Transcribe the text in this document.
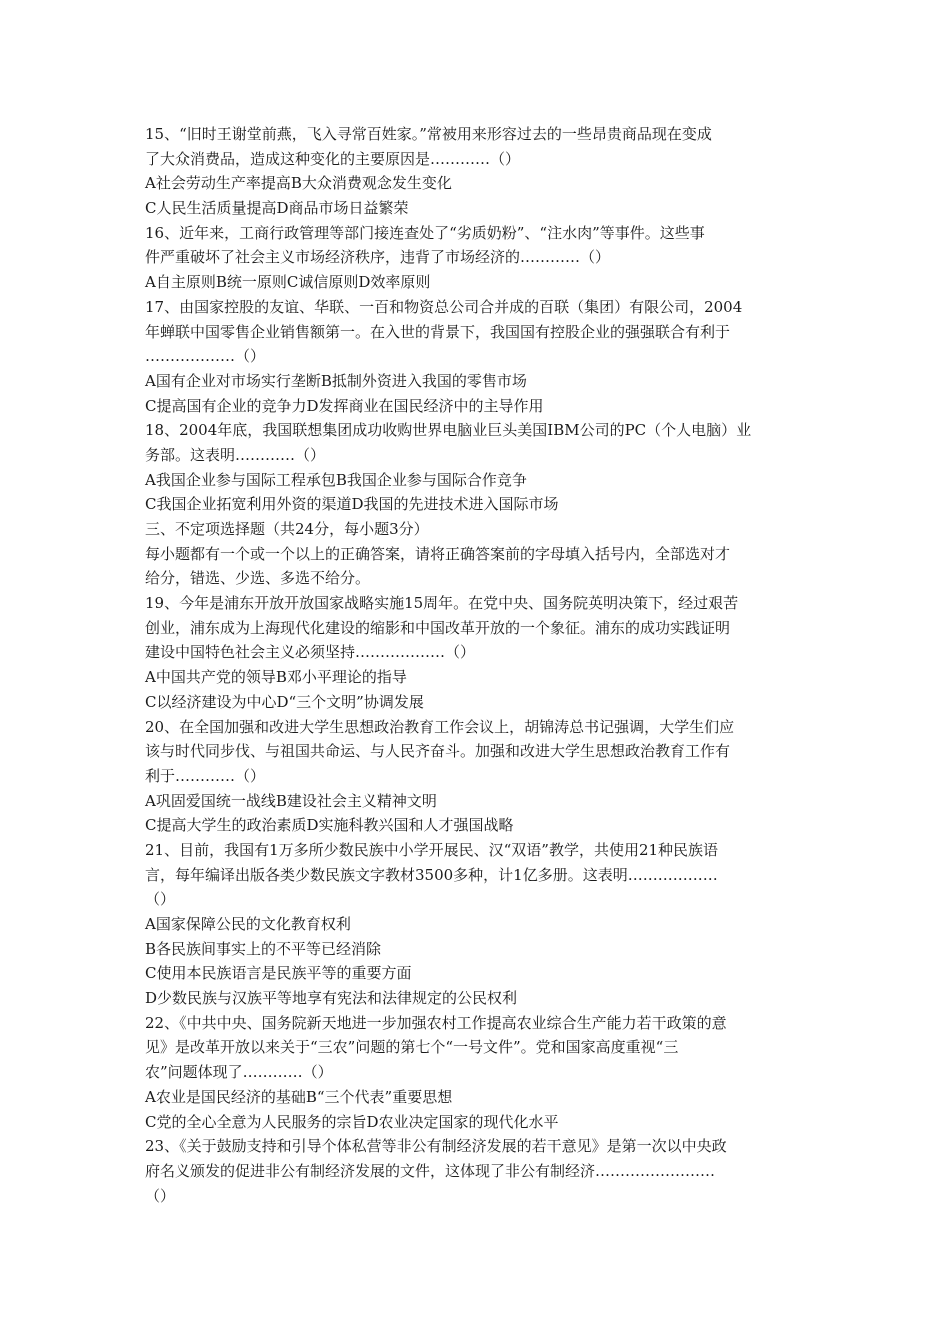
15、“旧时王谢堂前燕，飞入寻常百姓家。”常被用来形容过去的一些昂贵商品现在变成
了大众消费品，造成这种变化的主要原因是…………（）
A社会劳动生产率提高B大众消费观念发生变化
C人民生活质量提高D商品市场日益繁荣
16、近年来，工商行政管理等部门接连查处了“劣质奶粉”、“注水肉”等事件。这些事
件严重破坏了社会主义市场经济秩序，违背了市场经济的…………（）
A自主原则B统一原则C诚信原则D效率原则
17、由国家控股的友谊、华联、一百和物资总公司合并成的百联（集团）有限公司，2004
年蝉联中国零售企业销售额第一。在入世的背景下，我国国有控股企业的强强联合有利于
………………（）
A国有企业对市场实行垄断B抵制外资进入我国的零售市场
C提高国有企业的竞争力D发挥商业在国民经济中的主导作用
18、2004年底，我国联想集团成功收购世界电脑业巨头美国IBM公司的PC（个人电脑）业
务部。这表明…………（）
A我国企业参与国际工程承包B我国企业参与国际合作竞争
C我国企业拓宽利用外资的渠道D我国的先进技术进入国际市场
三、不定项选择题（共24分，每小题3分）
每小题都有一个或一个以上的正确答案，请将正确答案前的字母填入括号内，全部选对才
给分，错选、少选、多选不给分。
19、今年是浦东开放开放国家战略实施15周年。在党中央、国务院英明决策下，经过艰苦
创业，浦东成为上海现代化建设的缩影和中国改革开放的一个象征。浦东的成功实践证明
建设中国特色社会主义必须坚持………………（）
A中国共产党的领导B邓小平理论的指导
C以经济建设为中心D“三个文明”协调发展
20、在全国加强和改进大学生思想政治教育工作会议上，胡锦涛总书记强调，大学生们应
该与时代同步伐、与祖国共命运、与人民齐奋斗。加强和改进大学生思想政治教育工作有
利于…………（）
A巩固爱国统一战线B建设社会主义精神文明
C提高大学生的政治素质D实施科教兴国和人才强国战略
21、目前，我国有1万多所少数民族中小学开展民、汉“双语”教学，共使用21种民族语
言，每年编译出版各类少数民族文字教材3500多种，计1亿多册。这表明………………
（）
A国家保障公民的文化教育权利
B各民族间事实上的不平等已经消除
C使用本民族语言是民族平等的重要方面
D少数民族与汉族平等地享有宪法和法律规定的公民权利
22、《中共中央、国务院新天地进一步加强农村工作提高农业综合生产能力若干政策的意
见》是改革开放以来关于“三农”问题的第七个“一号文件”。党和国家高度重视“三
农”问题体现了…………（）
A农业是国民经济的基础B“三个代表”重要思想
C党的全心全意为人民服务的宗旨D农业决定国家的现代化水平
23、《关于鼓励支持和引导个体私营等非公有制经济发展的若干意见》是第一次以中央政
府名义颁发的促进非公有制经济发展的文件，这体现了非公有制经济……………………
（）
